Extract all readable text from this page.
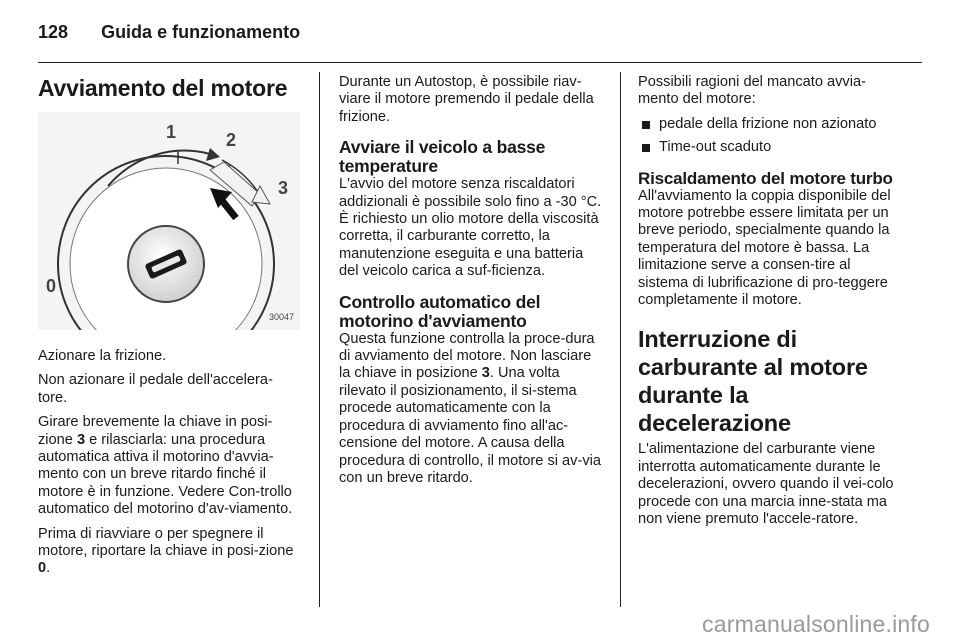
128 Guida e funzionamento
Avviamento del motore
1	2
3
0
30047

Azionare la frizione.

Non azionare il pedale dell'accelera-tore.

Girare brevemente la chiave in posi-zione 3 e rilasciarla: una procedura automatica attiva il motorino d'avvia-mento con un breve ritardo finché il motore è in funzione. Vedere Con-trollo automatico del motorino d'av-viamento.

Prima di riavviare o per spegnere il motore, riportare la chiave in posi-zione 0.

Durante un Autostop, è possibile riav-viare il motore premendo il pedale della frizione.

Avviare il veicolo a basse temperature

L'avvio del motore senza riscaldatori addizionali è possibile solo fino a -30 °C. È richiesto un olio motore della viscosità corretta, il carburante corretto, la manutenzione eseguita e una batteria del veicolo carica a suf-ficienza.

Controllo automatico del motorino d'avviamento

Questa funzione controlla la proce-dura di avviamento del motore. Non lasciare la chiave in posizione 3. Una volta rilevato il posizionamento, il si-stema procede automaticamente con la procedura di avviamento fino all'ac-censione del motore. A causa della procedura di controllo, il motore si av-via con un breve ritardo.

Possibili ragioni del mancato avvia-mento del motore:

pedale della frizione non azionato
Time-out scaduto
Riscaldamento del motore turbo

All'avviamento la coppia disponibile del motore potrebbe essere limitata per un breve periodo, specialmente quando la temperatura del motore è bassa. La limitazione serve a consen-tire al sistema di lubrificazione di pro-teggere completamente il motore.

Interruzione di carburante al motore durante la decelerazione

L'alimentazione del carburante viene interrotta automaticamente durante le decelerazioni, ovvero quando il vei-colo procede con una marcia inne-stata ma non viene premuto l'accele-ratore.

carmanualsonline.info
